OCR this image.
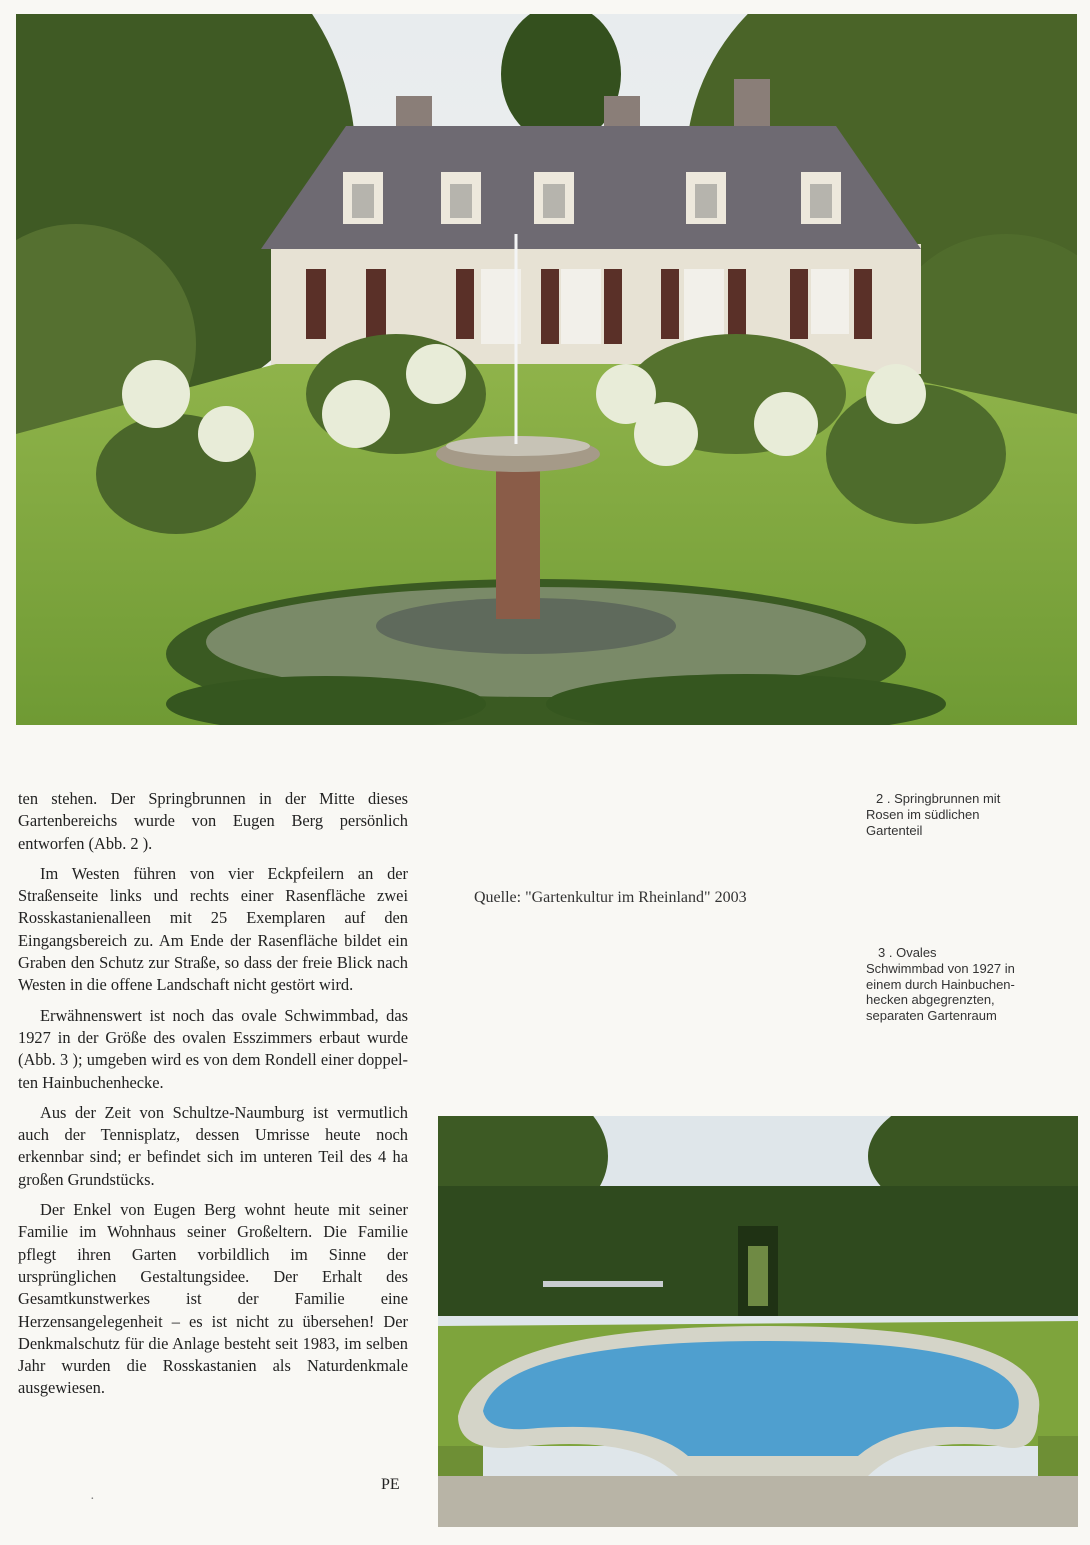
ten stehen. Der Springbrunnen in der Mitte dieses Gartenbereichs wurde von Eugen Berg persönlich entworfen (Abb. 2 ).

Im Westen führen von vier Eckpfeilern an der Straßenseite links und rechts einer Rasenfläche zwei Rosskastanienalleen mit 25 Exemplaren auf den Eingangsbereich zu. Am Ende der Rasenfläche bildet ein Graben den Schutz zur Straße, so dass der freie Blick nach Westen in die offene Landschaft nicht gestört wird.

Erwähnenswert ist noch das ovale Schwimmbad, das 1927 in der Größe des ovalen Esszimmers erbaut wurde (Abb. 3 ); umgeben wird es von dem Rondell einer doppelten Hainbuchenhecke.

Aus der Zeit von Schultze-Naumburg ist vermutlich auch der Tennisplatz, dessen Umrisse heute noch erkennbar sind; er befindet sich im unteren Teil des 4 ha großen Grundstücks.

Der Enkel von Eugen Berg wohnt heute mit seiner Familie im Wohnhaus seiner Großeltern. Die Familie pflegt ihren Garten vorbildlich im Sinne der ursprünglichen Gestaltungsidee. Der Erhalt des Gesamtkunstwerkes ist der Familie eine Herzensangelegenheit – es ist nicht zu übersehen! Der Denkmalschutz für die Anlage besteht seit 1983, im selben Jahr wurden die Rosskastanien als Naturdenkmale ausgewiesen.

PE
·
2 . Springbrunnen mit Rosen im südlichen Gartenteil
Quelle: "Gartenkultur im Rheinland" 2003
3 . Ovales Schwimmbad von 1927 in einem durch Hainbuchenhecken abgegrenzten, separaten Gartenraum
